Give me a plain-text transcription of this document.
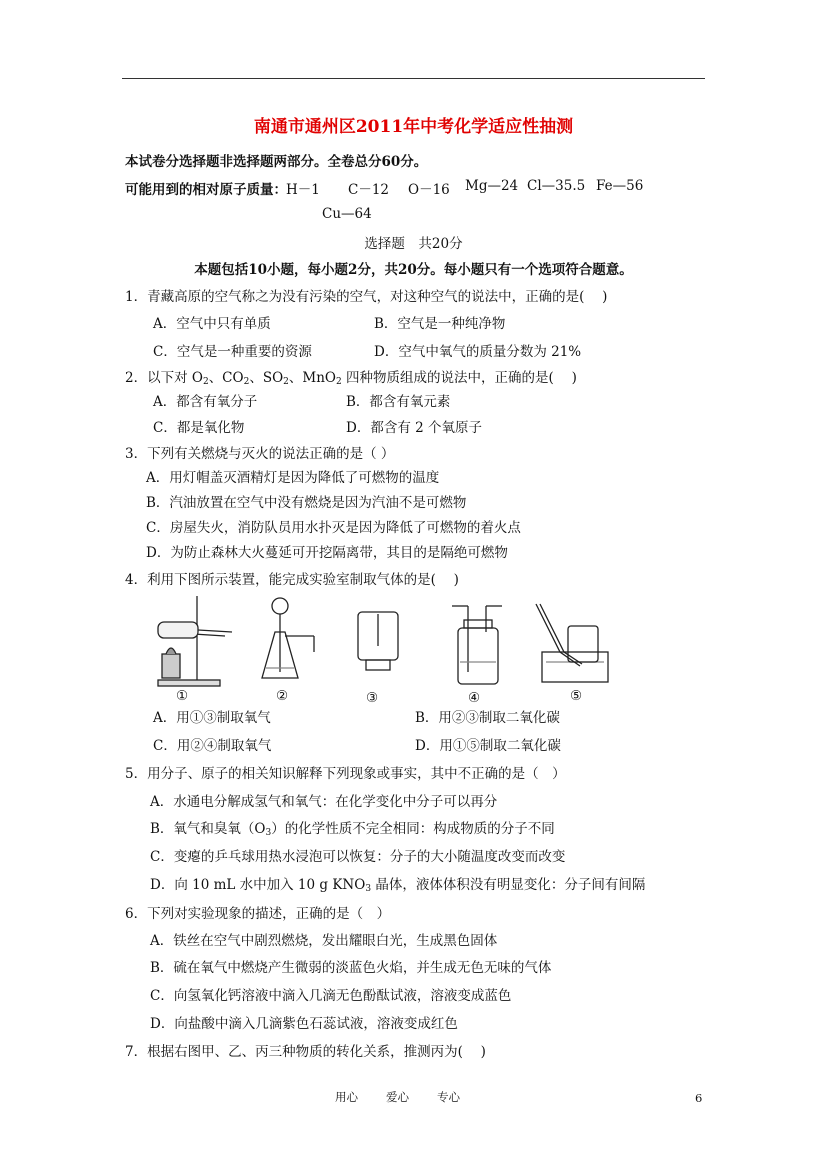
南通市通州区2011年中考化学适应性抽测
本试卷分选择题非选择题两部分。全卷总分60分。
可能用到的相对原子质量： H－1 C－12 O－16 Mg—24 Cl—35.5 Fe—56
Cu—64
选择题　共20分
本题包括10小题，每小题2分，共20分。每小题只有一个选项符合题意。
1．青藏高原的空气称之为没有污染的空气，对这种空气的说法中，正确的是(　 )
A．空气中只有单质	B．空气是一种纯净物
C．空气是一种重要的资源	D．空气中氧气的质量分数为 21%
2．以下对 $O_2$、$CO_2$、$SO_2$、MnO$_2$ 四种物质组成的说法中，正确的是(　 )
A．都含有氧分子	B．都含有氧元素
C．都是氧化物	D．都含有 2 个氧原子
3．下列有关燃烧与灭火的说法正确的是（ ）
A．用灯帽盖灭酒精灯是因为降低了可燃物的温度
B．汽油放置在空气中没有燃烧是因为汽油不是可燃物
C．房屋失火，消防队员用水扑灭是因为降低了可燃物的着火点
D．为防止森林大火蔓延可开挖隔离带，其目的是隔绝可燃物
4．利用下图所示装置，能完成实验室制取气体的是(　 )
①	②	③	④	⑤
A．用①③制取氧气	B．用②③制取二氧化碳
C．用②④制取氧气	D．用①⑤制取二氧化碳
5．用分子、原子的相关知识解释下列现象或事实，其中不正确的是（　）
A．水通电分解成氢气和氧气：在化学变化中分子可以再分
B．氧气和臭氧$(O_3)$的化学性质不完全相同：构成物质的分子不同
C．变瘪的乒乓球用热水浸泡可以恢复：分子的大小随温度改变而改变
D．向 10 mL 水中加入 10 g $KNO_3$ 晶体，液体体积没有明显变化：分子间有间隔
6．下列对实验现象的描述，正确的是（　）
A．铁丝在空气中剧烈燃烧，发出耀眼白光，生成黑色固体
B．硫在氧气中燃烧产生微弱的淡蓝色火焰，并生成无色无味的气体
C．向氢氧化钙溶液中滴入几滴无色酚酞试液，溶液变成蓝色
D．向盐酸中滴入几滴紫色石蕊试液，溶液变成红色
7．根据右图甲、乙、丙三种物质的转化关系，推测丙为(　 )
用心 爱心 专心	6
